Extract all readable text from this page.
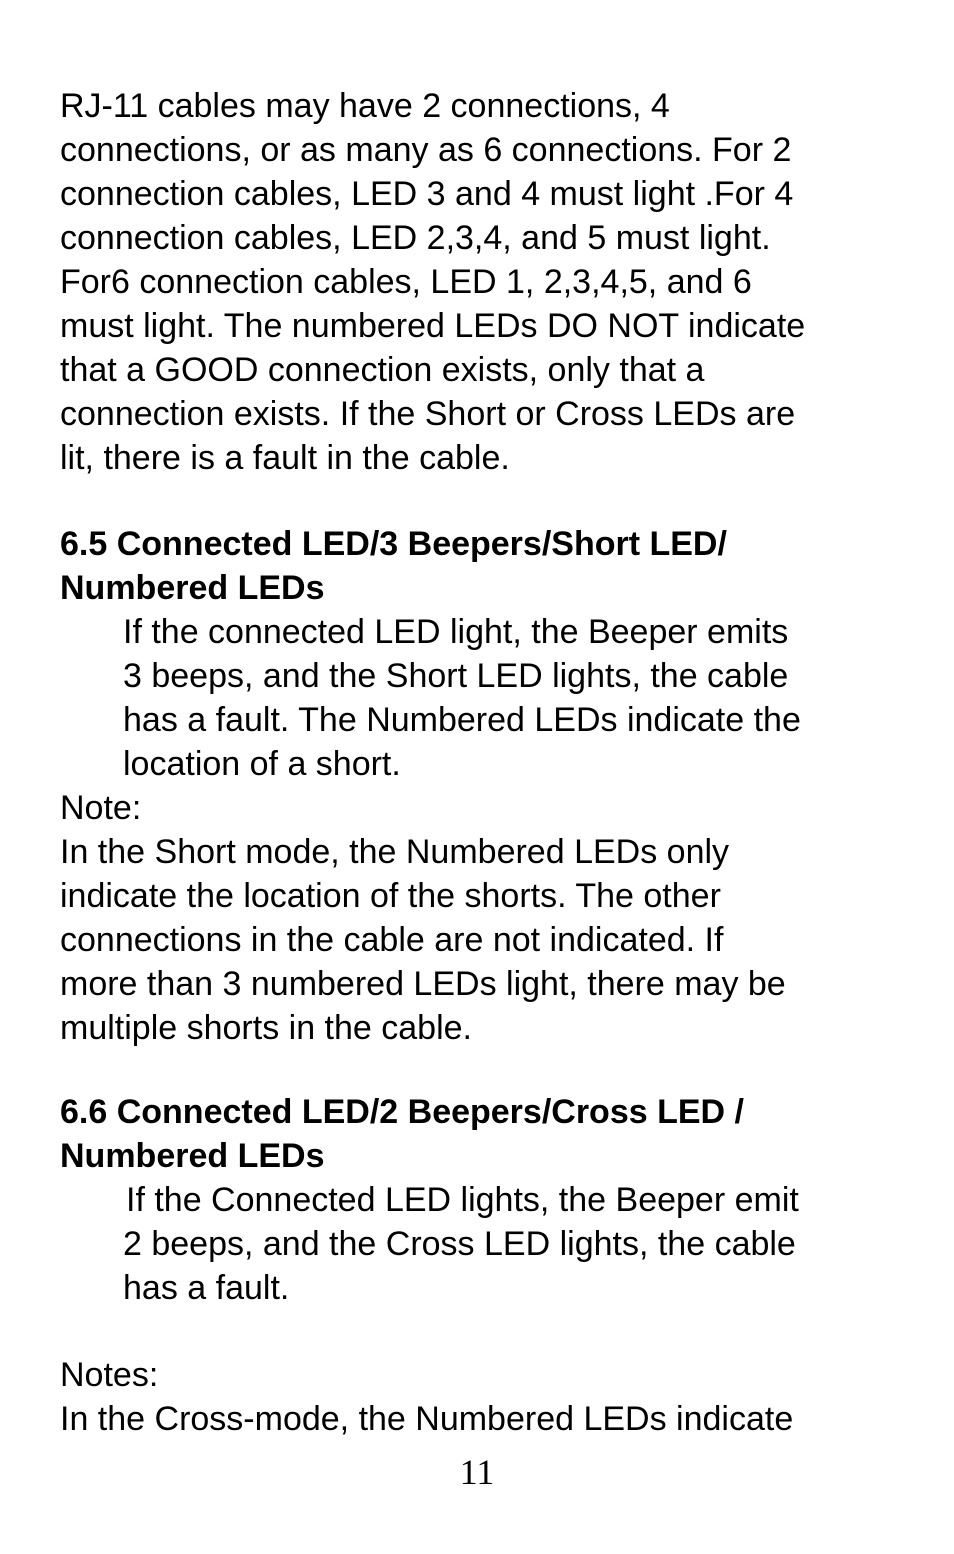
RJ-11 cables may have 2 connections, 4
connections, or as many as 6 connections. For 2
connection cables, LED 3 and 4 must light .For 4
connection cables, LED 2,3,4, and 5 must light.
For6 connection cables, LED 1, 2,3,4,5, and 6
must light. The numbered LEDs DO NOT indicate
that a GOOD connection exists, only that a
connection exists. If the Short or Cross LEDs are
lit, there is a fault in the cable.
6.5 Connected LED/3 Beepers/Short LED/
Numbered LEDs
If the connected LED light, the Beeper emits
3 beeps, and the Short LED lights, the cable
has a fault. The Numbered LEDs indicate the
location of a short.
Note:
In the Short mode, the Numbered LEDs only
indicate the location of the shorts. The other
connections in the cable are not indicated. If
more than 3 numbered LEDs light, there may be
multiple shorts in the cable.
6.6 Connected LED/2 Beepers/Cross LED /
Numbered LEDs
If the Connected LED lights, the Beeper emit
2 beeps, and the Cross LED lights, the cable
has a fault.
Notes:
In the Cross-mode, the Numbered LEDs indicate
11
